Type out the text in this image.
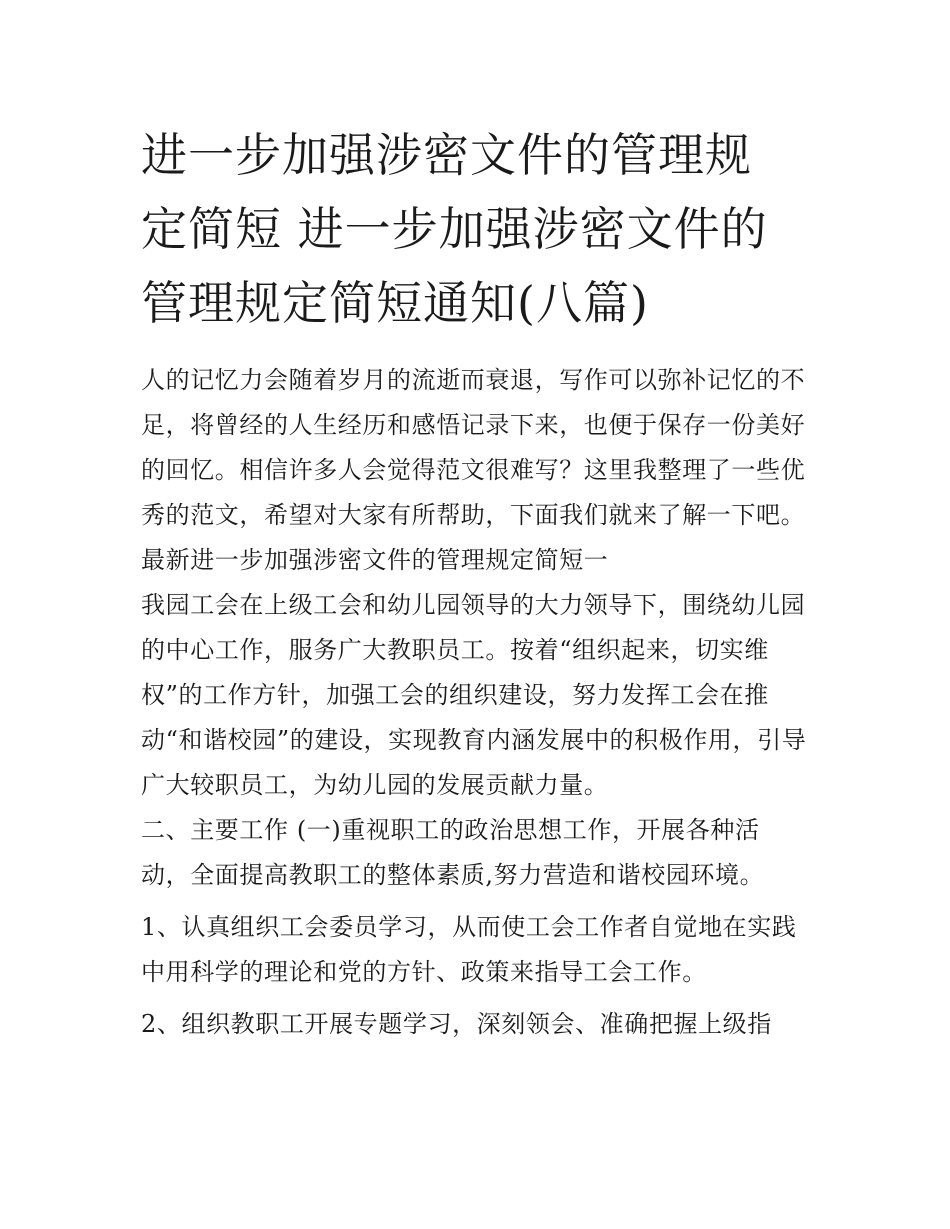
进一步加强涉密文件的管理规
定简短 进一步加强涉密文件的
管理规定简短通知(八篇)
人的记忆力会随着岁月的流逝而衰退，写作可以弥补记忆的不
足，将曾经的人生经历和感悟记录下来，也便于保存一份美好
的回忆。相信许多人会觉得范文很难写？这里我整理了一些优
秀的范文，希望对大家有所帮助，下面我们就来了解一下吧。
最新进一步加强涉密文件的管理规定简短一
我园工会在上级工会和幼儿园领导的大力领导下，围绕幼儿园
的中心工作，服务广大教职员工。按着“组织起来，切实维
权”的工作方针，加强工会的组织建设，努力发挥工会在推
动“和谐校园”的建设，实现教育内涵发展中的积极作用，引导
广大较职员工，为幼儿园的发展贡献力量。
二、主要工作 (一)重视职工的政治思想工作，开展各种活
动，全面提高教职工的整体素质,努力营造和谐校园环境。
1、认真组织工会委员学习，从而使工会工作者自觉地在实践
中用科学的理论和党的方针、政策来指导工会工作。
2、组织教职工开展专题学习，深刻领会、准确把握上级指
